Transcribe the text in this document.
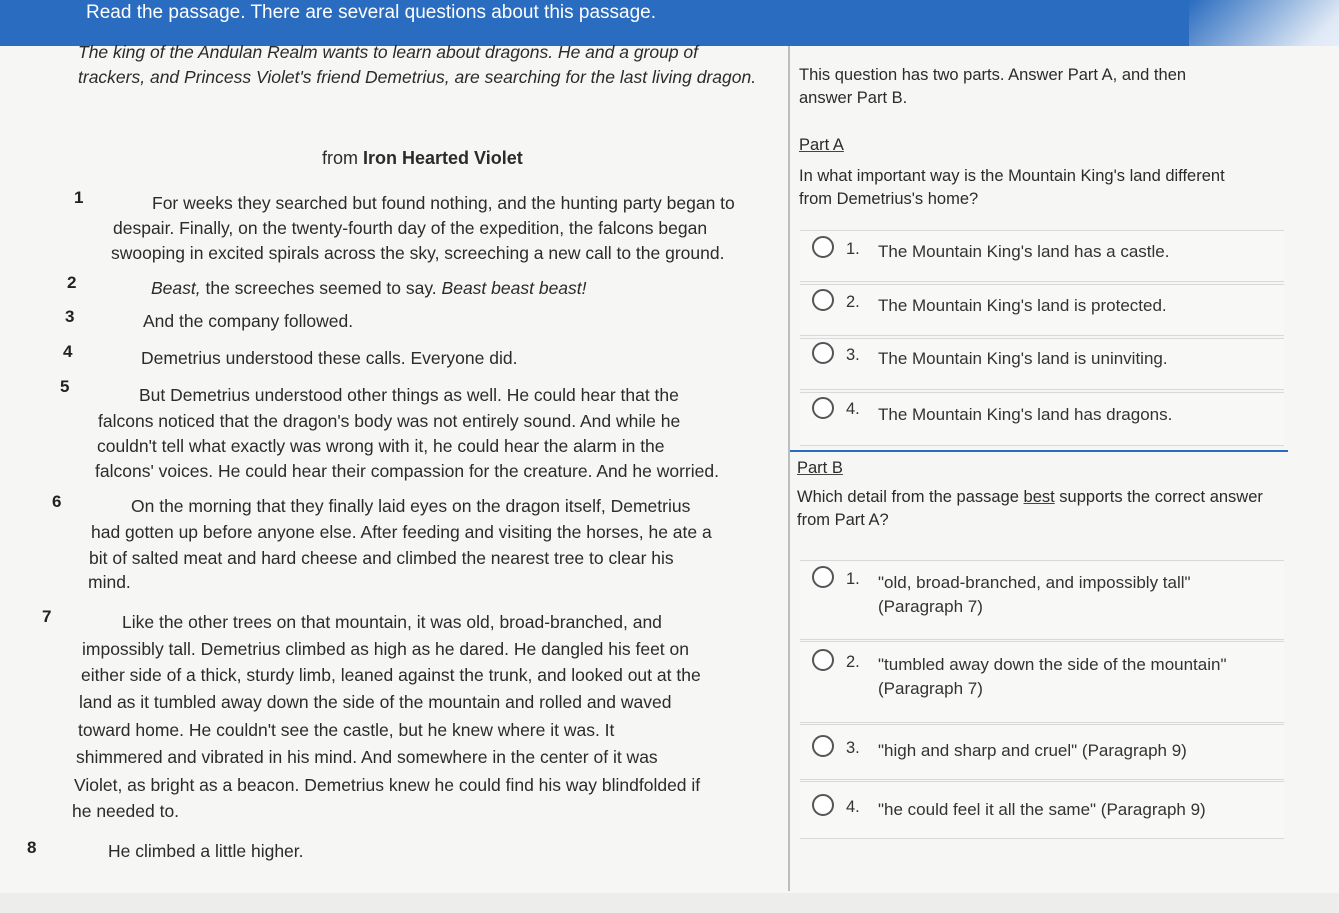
Read the passage. There are several questions about this passage.
The king of the Andulan Realm wants to learn about dragons. He and a group of trackers, and Princess Violet's friend Demetrius, are searching for the last living dragon.
from Iron Hearted Violet
1	For weeks they searched but found nothing, and the hunting party began to
despair. Finally, on the twenty-fourth day of the expedition, the falcons began
swooping in excited spirals across the sky, screeching a new call to the ground.
2	Beast, the screeches seemed to say. Beast beast beast!
3	And the company followed.
4	Demetrius understood these calls. Everyone did.
5	But Demetrius understood other things as well. He could hear that the
falcons noticed that the dragon's body was not entirely sound. And while he
couldn't tell what exactly was wrong with it, he could hear the alarm in the
falcons' voices. He could hear their compassion for the creature. And he worried.
6	On the morning that they finally laid eyes on the dragon itself, Demetrius
had gotten up before anyone else. After feeding and visiting the horses, he ate a
bit of salted meat and hard cheese and climbed the nearest tree to clear his
mind.
7	Like the other trees on that mountain, it was old, broad-branched, and
impossibly tall. Demetrius climbed as high as he dared. He dangled his feet on
either side of a thick, sturdy limb, leaned against the trunk, and looked out at the
land as it tumbled away down the side of the mountain and rolled and waved
toward home. He couldn't see the castle, but he knew where it was. It
shimmered and vibrated in his mind. And somewhere in the center of it was
Violet, as bright as a beacon. Demetrius knew he could find his way blindfolded if
he needed to.
8	He climbed a little higher.
This question has two parts. Answer Part A, and then answer Part B.
Part A
In what important way is the Mountain King's land different from Demetrius's home?
1. The Mountain King's land has a castle.
2. The Mountain King's land is protected.
3. The Mountain King's land is uninviting.
4. The Mountain King's land has dragons.
Part B
Which detail from the passage best supports the correct answer from Part A?
1. "old, broad-branched, and impossibly tall" (Paragraph 7)
2. "tumbled away down the side of the mountain" (Paragraph 7)
3. "high and sharp and cruel" (Paragraph 9)
4. "he could feel it all the same" (Paragraph 9)
